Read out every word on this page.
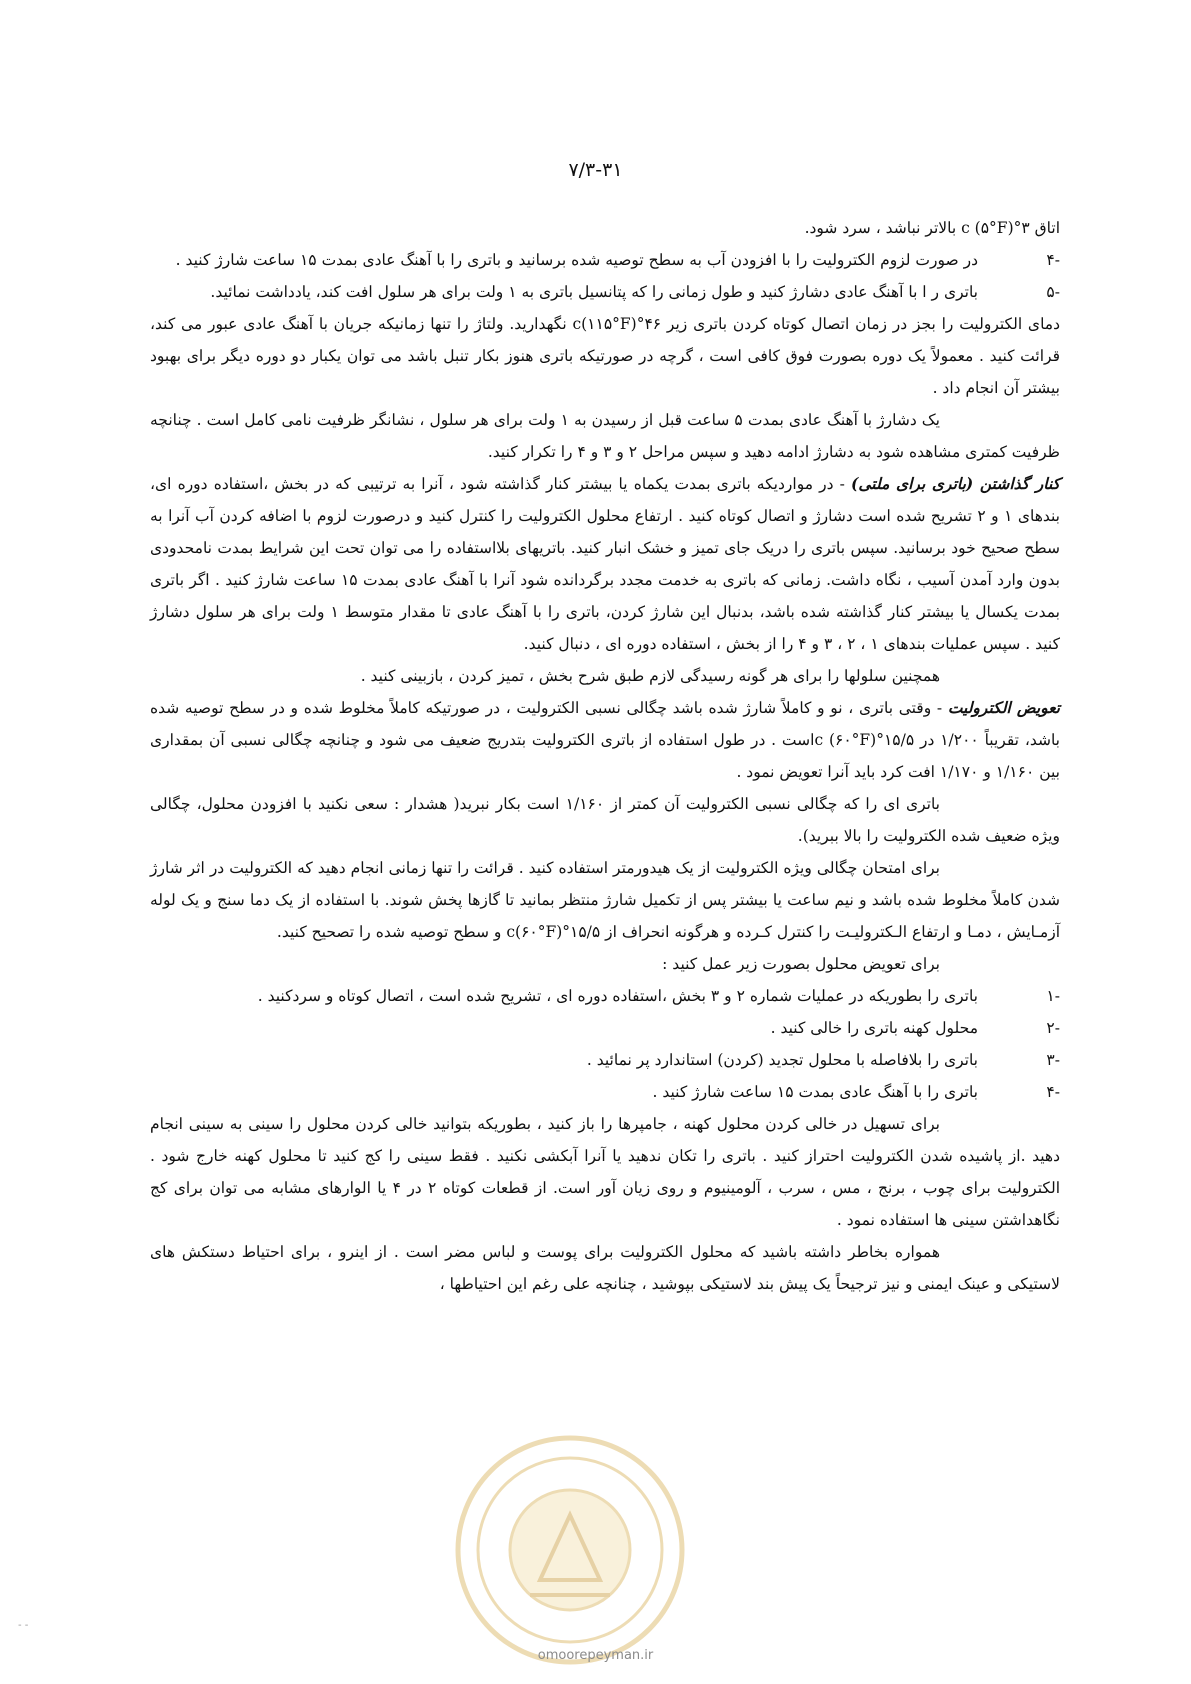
۷/۳-۳۱

اتاق ۳°c (۵°F) بالاتر نباشد ، سرد شود.

-۴
در صورت لزوم الکترولیت را با افزودن آب به سطح توصیه شده برسانید و باتری را با آهنگ عادی بمدت ۱۵ ساعت شارژ کنید .
-۵
باتری ر ا با آهنگ عادی دشارژ کنید و طول زمانی را که پتانسیل باتری به ۱ ولت برای هر سلول افت کند، یادداشت نمائید.

دمای الکترولیت را بجز در زمان اتصال کوتاه کردن باتری زیر ۴۶°c(۱۱۵°F) نگهدارید. ولتاژ را تنها زمانیکه جریان با آهنگ عادی عبور می کند، قرائت کنید . معمولاً یک دوره بصورت فوق کافی است ، گرچه در صورتیکه باتری هنوز بکار تنبل باشد می توان یکبار دو دوره دیگر برای بهبود بیشتر آن انجام داد .

یک دشارژ با آهنگ عادی بمدت ۵ ساعت قبل از رسیدن به ۱ ولت برای هر سلول ، نشانگر ظرفیت نامی کامل است . چنانچه ظرفیت کمتری مشاهده شود به دشارژ ادامه دهید و سپس مراحل ۲ و ۳ و ۴ را تکرار کنید.

کنار گذاشتن (باتری برای ملتی) - در مواردیکه باتری بمدت یکماه یا بیشتر کنار گذاشته شود ، آنرا به ترتیبی که در بخش ،استفاده دوره ای، بندهای ۱ و ۲ تشریح شده است دشارژ و اتصال کوتاه کنید . ارتفاع محلول الکترولیت را کنترل کنید و درصورت لزوم با اضافه کردن آب آنرا به سطح صحیح خود برسانید. سپس باتری را دریک جای تمیز و خشک انبار کنید. باتریهای بلااستفاده را می توان تحت این شرایط بمدت نامحدودی بدون وارد آمدن آسیب ، نگاه داشت. زمانی که باتری به خدمت مجدد برگردانده شود آنرا با آهنگ عادی بمدت ۱۵ ساعت شارژ کنید . اگر باتری بمدت یکسال یا بیشتر کنار گذاشته شده باشد، بدنبال این شارژ کردن، باتری را با آهنگ عادی تا مقدار متوسط ۱ ولت برای هر سلول دشارژ کنید . سپس عملیات بندهای ۱ ، ۲ ، ۳ و ۴ را از بخش ، استفاده دوره ای ، دنبال کنید.

همچنین سلولها را برای هر گونه رسیدگی لازم طبق شرح بخش ، تمیز کردن ، بازبینی کنید .

تعویض الکترولیت - وقتی باتری ، نو و کاملاً شارژ شده باشد چگالی نسبی الکترولیت ، در صورتیکه کاملاً مخلوط شده و در سطح توصیه شده باشد، تقریباً ۱/۲۰۰ در ۱۵/۵°c (۶۰°F)است . در طول استفاده از باتری الکترولیت بتدریج ضعیف می شود و چنانچه چگالی نسبی آن بمقداری بین ۱/۱۶۰ و ۱/۱۷۰ افت کرد باید آنرا تعویض نمود .

باتری ای را که چگالی نسبی الکترولیت آن کمتر از ۱/۱۶۰ است بکار نبرید( هشدار : سعی نکنید با افزودن محلول، چگالی ویژه ضعیف شده الکترولیت را بالا ببرید).

برای امتحان چگالی ویژه الکترولیت از یک هیدورمتر استفاده کنید . قرائت را تنها زمانی انجام دهید که الکترولیت در اثر شارژ شدن کاملاً مخلوط شده باشد و نیم ساعت یا بیشتر پس از تکمیل شارژ منتظر بمانید تا گازها پخش شوند. با استفاده از یک دما سنج و یک لوله آزمـایش ، دمـا و ارتفاع الـکترولیـت را کنترل کـرده و هرگونه انحراف از ۱۵/۵°c(۶۰°F) و سطح توصیه شده را تصحیح کنید.

برای تعویض محلول بصورت زیر عمل کنید :

-۱
باتری را بطوریکه در عملیات شماره ۲ و ۳ بخش ،استفاده دوره ای ، تشریح شده است ، اتصال کوتاه و سردکنید .
-۲
محلول کهنه باتری را خالی کنید .
-۳
باتری را بلافاصله با محلول تجدید (کردن) استاندارد پر نمائید .
-۴
باتری را با آهنگ عادی بمدت ۱۵ ساعت شارژ کنید .

برای تسهیل در خالی کردن محلول کهنه ، جامپرها را باز کنید ، بطوریکه بتوانید خالی کردن محلول را سینی به سینی انجام دهید .از پاشیده شدن الکترولیت احتراز کنید . باتری را تکان ندهید یا آنرا آبکشی نکنید . فقط سینی را کج کنید تا محلول کهنه خارج شود . الکترولیت برای چوب ، برنج ، مس ، سرب ، آلومینیوم و روی زیان آور است. از قطعات کوتاه ۲ در ۴ یا الوارهای مشابه می توان برای کج نگاهداشتن سینی ها استفاده نمود .

همواره بخاطر داشته باشید که محلول الکترولیت برای پوست و لباس مضر است . از اینرو ، برای احتیاط دستکش های لاستیکی و عینک ایمنی و نیز ترجیحاً یک پیش بند لاستیکی بپوشید ، چنانچه علی رغم این احتیاطها ،

omoorepeyman.ir
- -
